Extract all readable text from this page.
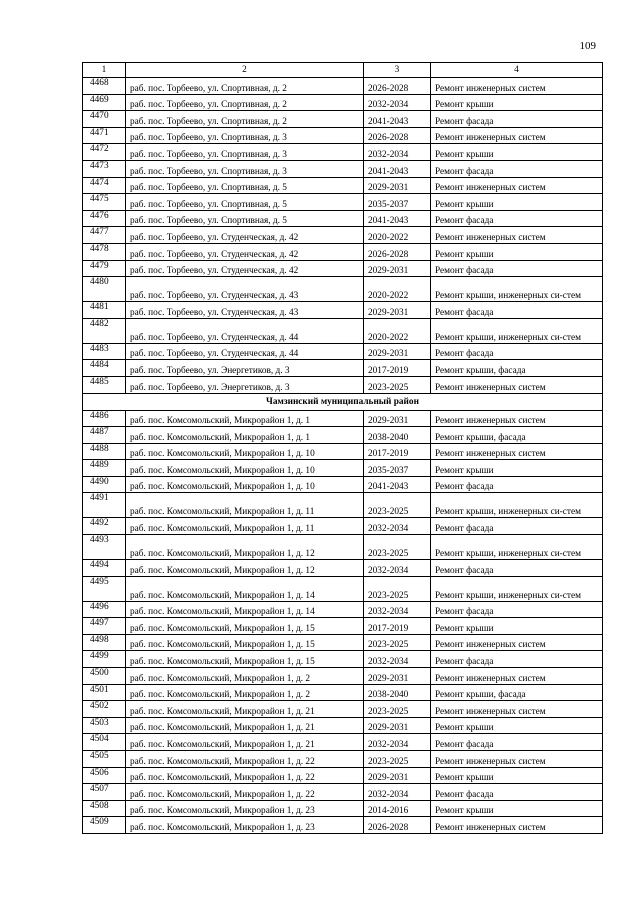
109
1	2	3	4
4468	раб. пос. Торбеево, ул. Спортивная, д. 2	2026-2028	Ремонт инженерных систем
4469	раб. пос. Торбеево, ул. Спортивная, д. 2	2032-2034	Ремонт крыши
4470	раб. пос. Торбеево, ул. Спортивная, д. 2	2041-2043	Ремонт фасада
4471	раб. пос. Торбеево, ул. Спортивная, д. 3	2026-2028	Ремонт инженерных систем
4472	раб. пос. Торбеево, ул. Спортивная, д. 3	2032-2034	Ремонт крыши
4473	раб. пос. Торбеево, ул. Спортивная, д. 3	2041-2043	Ремонт фасада
4474	раб. пос. Торбеево, ул. Спортивная, д. 5	2029-2031	Ремонт инженерных систем
4475	раб. пос. Торбеево, ул. Спортивная, д. 5	2035-2037	Ремонт крыши
4476	раб. пос. Торбеево, ул. Спортивная, д. 5	2041-2043	Ремонт фасада
4477	раб. пос. Торбеево, ул. Студенческая, д. 42	2020-2022	Ремонт инженерных систем
4478	раб. пос. Торбеево, ул. Студенческая, д. 42	2026-2028	Ремонт крыши
4479	раб. пос. Торбеево, ул. Студенческая, д. 42	2029-2031	Ремонт фасада
4480	раб. пос. Торбеево, ул. Студенческая, д. 43	2020-2022	Ремонт крыши, инженерных си-стем
4481	раб. пос. Торбеево, ул. Студенческая, д. 43	2029-2031	Ремонт фасада
4482	раб. пос. Торбеево, ул. Студенческая, д. 44	2020-2022	Ремонт крыши, инженерных си-стем
4483	раб. пос. Торбеево, ул. Студенческая, д. 44	2029-2031	Ремонт фасада
4484	раб. пос. Торбеево, ул. Энергетиков, д. 3	2017-2019	Ремонт крыши, фасада
4485	раб. пос. Торбеево, ул. Энергетиков, д. 3	2023-2025	Ремонт инженерных систем
Чамзинский муниципальный район			
4486	раб. пос. Комсомольский, Микрорайон 1, д. 1	2029-2031	Ремонт инженерных систем
4487	раб. пос. Комсомольский, Микрорайон 1, д. 1	2038-2040	Ремонт крыши, фасада
4488	раб. пос. Комсомольский, Микрорайон 1, д. 10	2017-2019	Ремонт инженерных систем
4489	раб. пос. Комсомольский, Микрорайон 1, д. 10	2035-2037	Ремонт крыши
4490	раб. пос. Комсомольский, Микрорайон 1, д. 10	2041-2043	Ремонт фасада
4491	раб. пос. Комсомольский, Микрорайон 1, д. 11	2023-2025	Ремонт крыши, инженерных си-стем
4492	раб. пос. Комсомольский, Микрорайон 1, д. 11	2032-2034	Ремонт фасада
4493	раб. пос. Комсомольский, Микрорайон 1, д. 12	2023-2025	Ремонт крыши, инженерных си-стем
4494	раб. пос. Комсомольский, Микрорайон 1, д. 12	2032-2034	Ремонт фасада
4495	раб. пос. Комсомольский, Микрорайон 1, д. 14	2023-2025	Ремонт крыши, инженерных си-стем
4496	раб. пос. Комсомольский, Микрорайон 1, д. 14	2032-2034	Ремонт фасада
4497	раб. пос. Комсомольский, Микрорайон 1, д. 15	2017-2019	Ремонт крыши
4498	раб. пос. Комсомольский, Микрорайон 1, д. 15	2023-2025	Ремонт инженерных систем
4499	раб. пос. Комсомольский, Микрорайон 1, д. 15	2032-2034	Ремонт фасада
4500	раб. пос. Комсомольский, Микрорайон 1, д. 2	2029-2031	Ремонт инженерных систем
4501	раб. пос. Комсомольский, Микрорайон 1, д. 2	2038-2040	Ремонт крыши, фасада
4502	раб. пос. Комсомольский, Микрорайон 1, д. 21	2023-2025	Ремонт инженерных систем
4503	раб. пос. Комсомольский, Микрорайон 1, д. 21	2029-2031	Ремонт крыши
4504	раб. пос. Комсомольский, Микрорайон 1, д. 21	2032-2034	Ремонт фасада
4505	раб. пос. Комсомольский, Микрорайон 1, д. 22	2023-2025	Ремонт инженерных систем
4506	раб. пос. Комсомольский, Микрорайон 1, д. 22	2029-2031	Ремонт крыши
4507	раб. пос. Комсомольский, Микрорайон 1, д. 22	2032-2034	Ремонт фасада
4508	раб. пос. Комсомольский, Микрорайон 1, д. 23	2014-2016	Ремонт крыши
4509	раб. пос. Комсомольский, Микрорайон 1, д. 23	2026-2028	Ремонт инженерных систем
